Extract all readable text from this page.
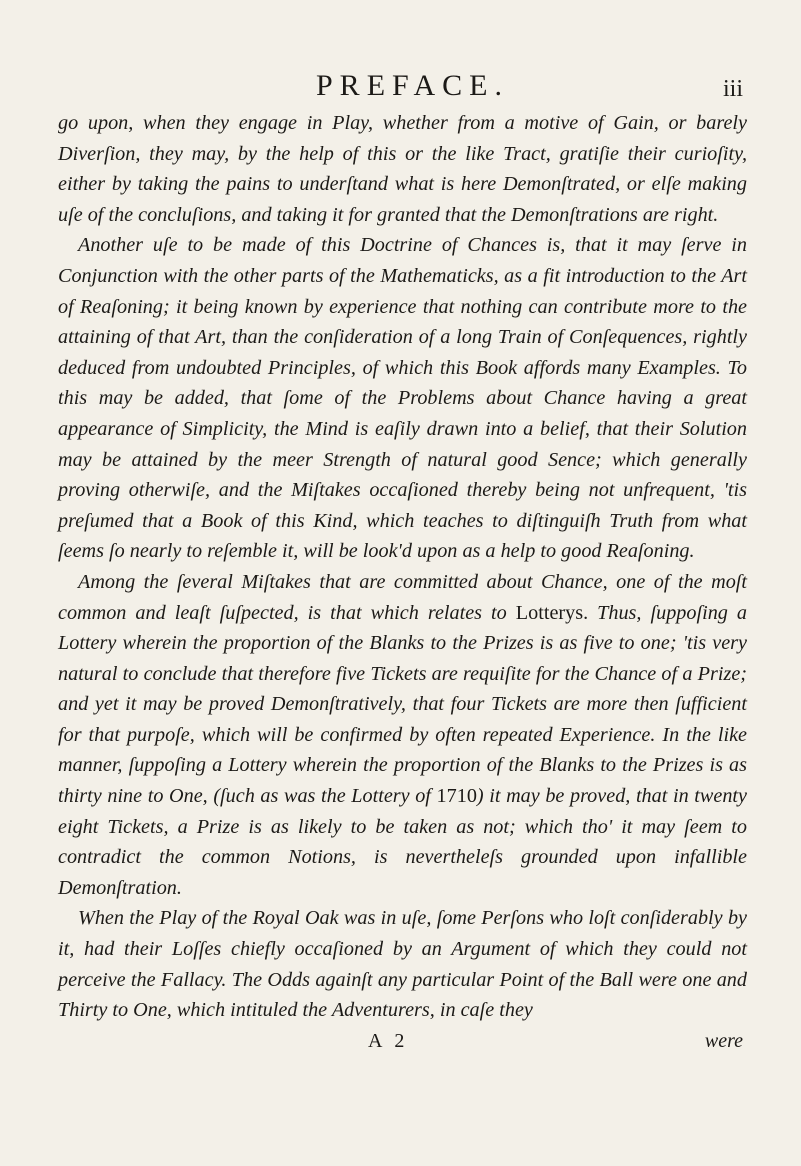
PREFACE.	iii

go upon, when they engage in Play, whether from a motive of Gain, or barely Diverſion, they may, by the help of this or the like Tract, gratiſie their curioſity, either by taking the pains to underſtand what is here Demonſtrated, or elſe making uſe of the concluſions, and taking it for granted that the Demonſtrations are right.

Another uſe to be made of this Doctrine of Chances is, that it may ſerve in Conjunction with the other parts of the Mathematicks, as a fit introduction to the Art of Reaſoning; it being known by experience that nothing can contribute more to the attaining of that Art, than the conſideration of a long Train of Conſequences, rightly deduced from undoubted Principles, of which this Book affords many Examples. To this may be added, that ſome of the Problems about Chance having a great appearance of Simplicity, the Mind is eaſily drawn into a belief, that their Solution may be attained by the meer Strength of natural good Sence; which generally proving otherwiſe, and the Miſtakes occaſioned thereby being not unfrequent, 'tis preſumed that a Book of this Kind, which teaches to diſtinguiſh Truth from what ſeems ſo nearly to reſemble it, will be look'd upon as a help to good Reaſoning.

Among the ſeveral Miſtakes that are committed about Chance, one of the moſt common and leaſt ſuſpected, is that which relates to Lotterys. Thus, ſuppoſing a Lottery wherein the proportion of the Blanks to the Prizes is as five to one; 'tis very natural to conclude that therefore five Tickets are requiſite for the Chance of a Prize; and yet it may be proved Demonſtratively, that four Tickets are more then ſufficient for that purpoſe, which will be confirmed by often repeated Experience. In the like manner, ſuppoſing a Lottery wherein the proportion of the Blanks to the Prizes is as thirty nine to One, (ſuch as was the Lottery of 1710) it may be proved, that in twenty eight Tickets, a Prize is as likely to be taken as not; which tho' it may ſeem to contradict the common Notions, is nevertheleſs grounded upon infallible Demonſtration.

When the Play of the Royal Oak was in uſe, ſome Perſons who loſt conſiderably by it, had their Loſſes chiefly occaſioned by an Argument of which they could not perceive the Fallacy. The Odds againſt any particular Point of the Ball were one and Thirty to One, which intituled the Adventurers, in caſe they

A 2	were
